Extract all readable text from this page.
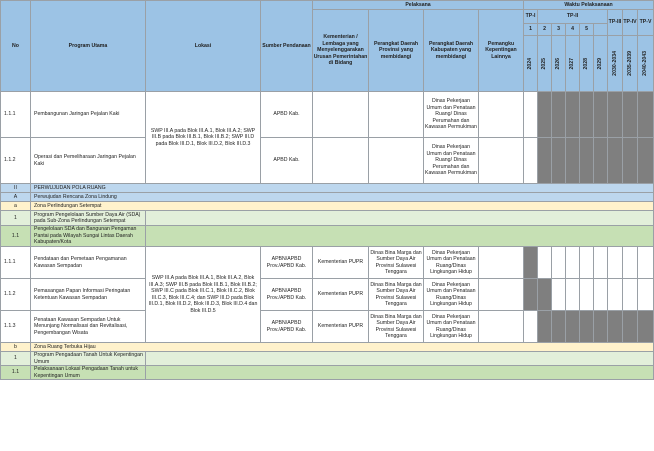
No	Program Utama	Lokasi	Sumber Pendanaan	Pelaksana				Waktu Pelaksanaan								
				Kementerian / Lembaga yang Menyelenggarakan Urusan Pemerintahan di Bidang	Perangkat Daerah Provinsi yang membidangi	Perangkat Daerah Kabupaten yang membidangi	Pemangku Kepentingan Lainnya	TP-I	TP-II					TP-III	TP-IV	TP-V
								1	2	3	4	5				

								2024	2025	2026	2027	2028	2029	2030-2034	2035-2039	2040-2043

1.1.1	Pembangunan Jaringan Pejalan Kaki	SWP III.A pada Blok III.A.1, Blok III.A.2; SWP III.B pada Blok III.B.1, Blok III.B.2; SWP III.D pada Blok III.D.1, Blok III.D.2, Blok III.D.3	APBD Kab.			Dinas Pekerjaan Umum dan Penataan Ruang/ Dinas Perumahan dan Kawasan Permukiman										
1.1.2	Operasi dan Pemeliharaan Jaringan Pejalan Kaki		APBD Kab.			Dinas Pekerjaan Umum dan Penataan Ruang/ Dinas Perumahan dan Kawasan Permukiman										
II	PERWUJUDAN POLA RUANG															
A	Perwujudan Rencana Zona Lindung															
a	Zona Perlindungan Setempat															
1	Program Pengelolaan Sumber Daya Air (SDA) pada Sub-Zona Perlindungan Setempat															
1.1	Pengelolaan SDA dan Bangunan Pengaman Pantai pada Wilayah Sungai Lintas Daerah Kabupaten/Kota															
1.1.1	Pendataan dan Pemetaan Pengamanan Kawasan Sempadan	SWP III.A pada Blok III.A.1, Blok III.A.2, Blok III.A.3; SWP III.B pada Blok III.B.1, Blok III.B.2; SWP III.C pada Blok III.C.1, Blok III.C.2, Blok III.C.3, Blok III.C.4; dan SWP III.D pada Blok III.D.1, Blok III.D.2, Blok III.D.3, Blok III.D.4 dan Blok III.D.5	APBN/APBD Prov./APBD Kab.	Kementerian PUPR	Dinas Bina Marga dan Sumber Daya Air Provinsi Sulawesi Tenggara	Dinas Pekerjaan Umum dan Penataan Ruang/Dinas Lingkungan Hidup										
1.1.2	Pemasangan Papan Informasi Peringatan Ketentuan Kawasan Sempadan		APBN/APBD Prov./APBD Kab.	Kementerian PUPR	Dinas Bina Marga dan Sumber Daya Air Provinsi Sulawesi Tenggara	Dinas Pekerjaan Umum dan Penataan Ruang/Dinas Lingkungan Hidup										
1.1.3	Penataan Kawasan Sempadan Untuk Menunjang Normalisasi dan Revitalisasi, Pengembangan Wisata		APBN/APBD Prov./APBD Kab.	Kementerian PUPR	Dinas Bina Marga dan Sumber Daya Air Provinsi Sulawesi Tenggara	Dinas Pekerjaan Umum dan Penataan Ruang/Dinas Lingkungan Hidup										
b	Zona Ruang Terbuka Hijau															
1	Program Pengadaan Tanah Untuk Kepentingan Umum															
1.1	Pelaksanaan Lokasi Pengadaan Tanah untuk Kepentingan Umum															
